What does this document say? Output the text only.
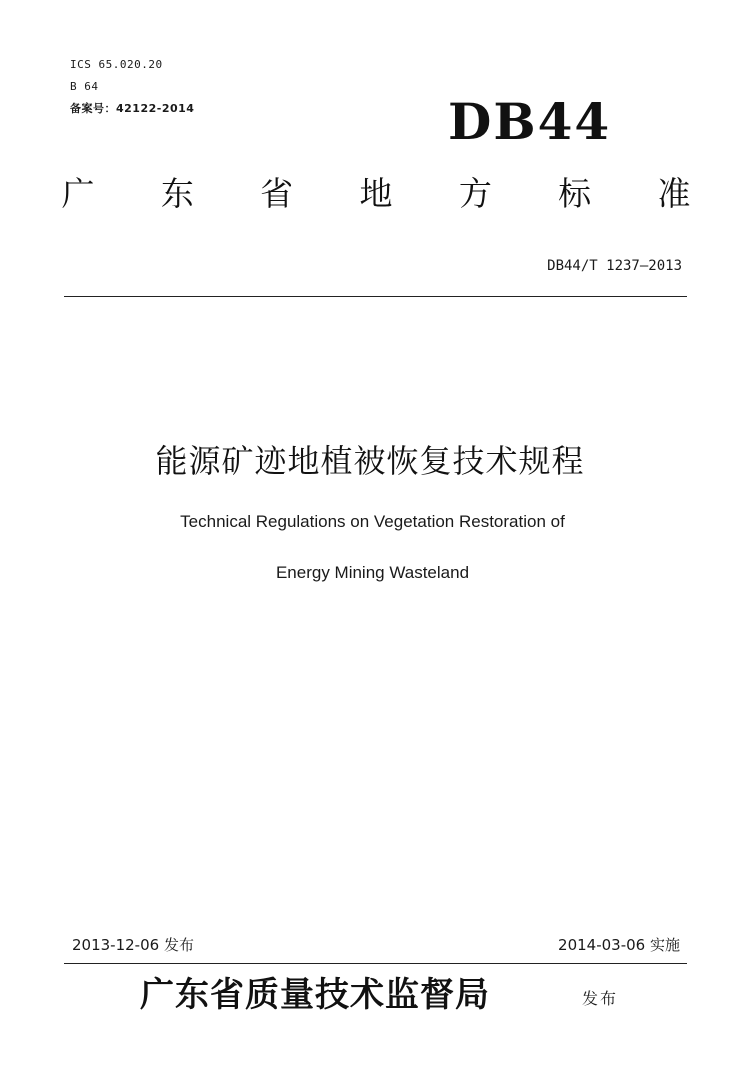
ICS 65.020.20
B 64
备案号：42122-2014	DB44
广 东 省 地 方 标 准
DB44/T 1237—2013
能源矿迹地植被恢复技术规程
Technical Regulations on Vegetation Restoration of
Energy Mining Wasteland
2013-12-06 发布	2014-03-06 实施
广东省质量技术监督局	发布
